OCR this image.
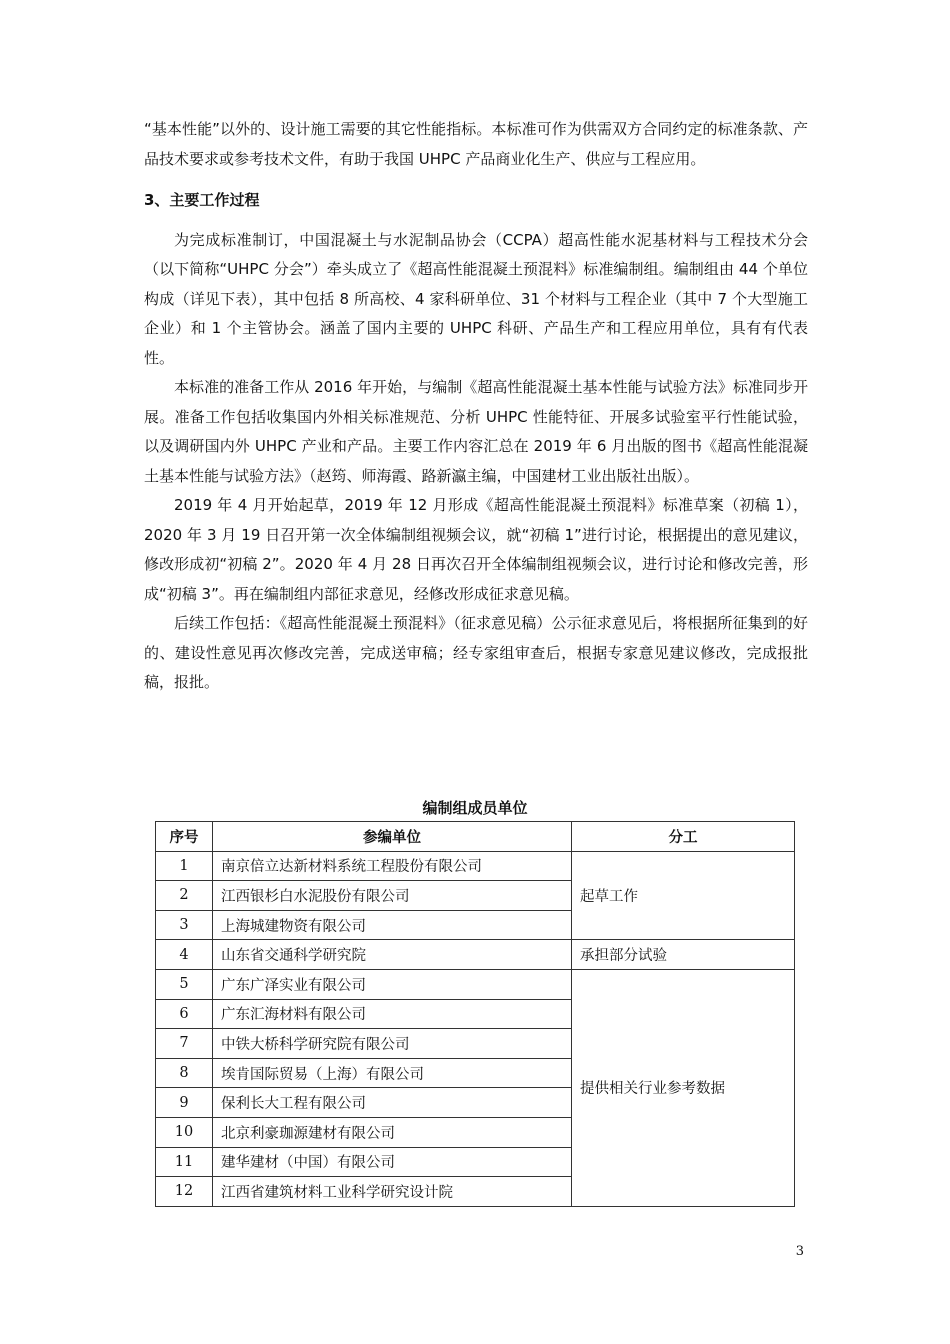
“基本性能”以外的、设计施工需要的其它性能指标。本标准可作为供需双方合同约定的标准条款、产品技术要求或参考技术文件，有助于我国 UHPC 产品商业化生产、供应与工程应用。

3、主要工作过程

为完成标准制订，中国混凝土与水泥制品协会（CCPA）超高性能水泥基材料与工程技术分会（以下简称“UHPC 分会”）牵头成立了《超高性能混凝土预混料》标准编制组。编制组由 44 个单位构成（详见下表），其中包括 8 所高校、4 家科研单位、31 个材料与工程企业（其中 7 个大型施工企业）和 1 个主管协会。涵盖了国内主要的 UHPC 科研、产品生产和工程应用单位，具有有代表性。

本标准的准备工作从 2016 年开始，与编制《超高性能混凝土基本性能与试验方法》标准同步开展。准备工作包括收集国内外相关标准规范、分析 UHPC 性能特征、开展多试验室平行性能试验，以及调研国内外 UHPC 产业和产品。主要工作内容汇总在 2019 年 6 月出版的图书《超高性能混凝土基本性能与试验方法》（赵筠、师海霞、路新瀛主编，中国建材工业出版社出版）。

2019 年 4 月开始起草，2019 年 12 月形成《超高性能混凝土预混料》标准草案（初稿 1），2020 年 3 月 19 日召开第一次全体编制组视频会议，就“初稿 1”进行讨论，根据提出的意见建议，修改形成初“初稿 2”。2020 年 4 月 28 日再次召开全体编制组视频会议，进行讨论和修改完善，形成“初稿 3”。再在编制组内部征求意见，经修改形成征求意见稿。

后续工作包括：《超高性能混凝土预混料》（征求意见稿）公示征求意见后，将根据所征集到的好的、建设性意见再次修改完善，完成送审稿；经专家组审查后，根据专家意见建议修改，完成报批稿，报批。

编制组成员单位
序号	参编单位	分工
1	南京倍立达新材料系统工程股份有限公司	起草工作
2	江西银杉白水泥股份有限公司	
3	上海城建物资有限公司	
4	山东省交通科学研究院	承担部分试验
5	广东广泽实业有限公司	提供相关行业参考数据
6	广东汇海材料有限公司	
7	中铁大桥科学研究院有限公司	
8	埃肯国际贸易（上海）有限公司	
9	保利长大工程有限公司	
10	北京利豪珈源建材有限公司	
11	建华建材（中国）有限公司	
12	江西省建筑材料工业科学研究设计院	
3
